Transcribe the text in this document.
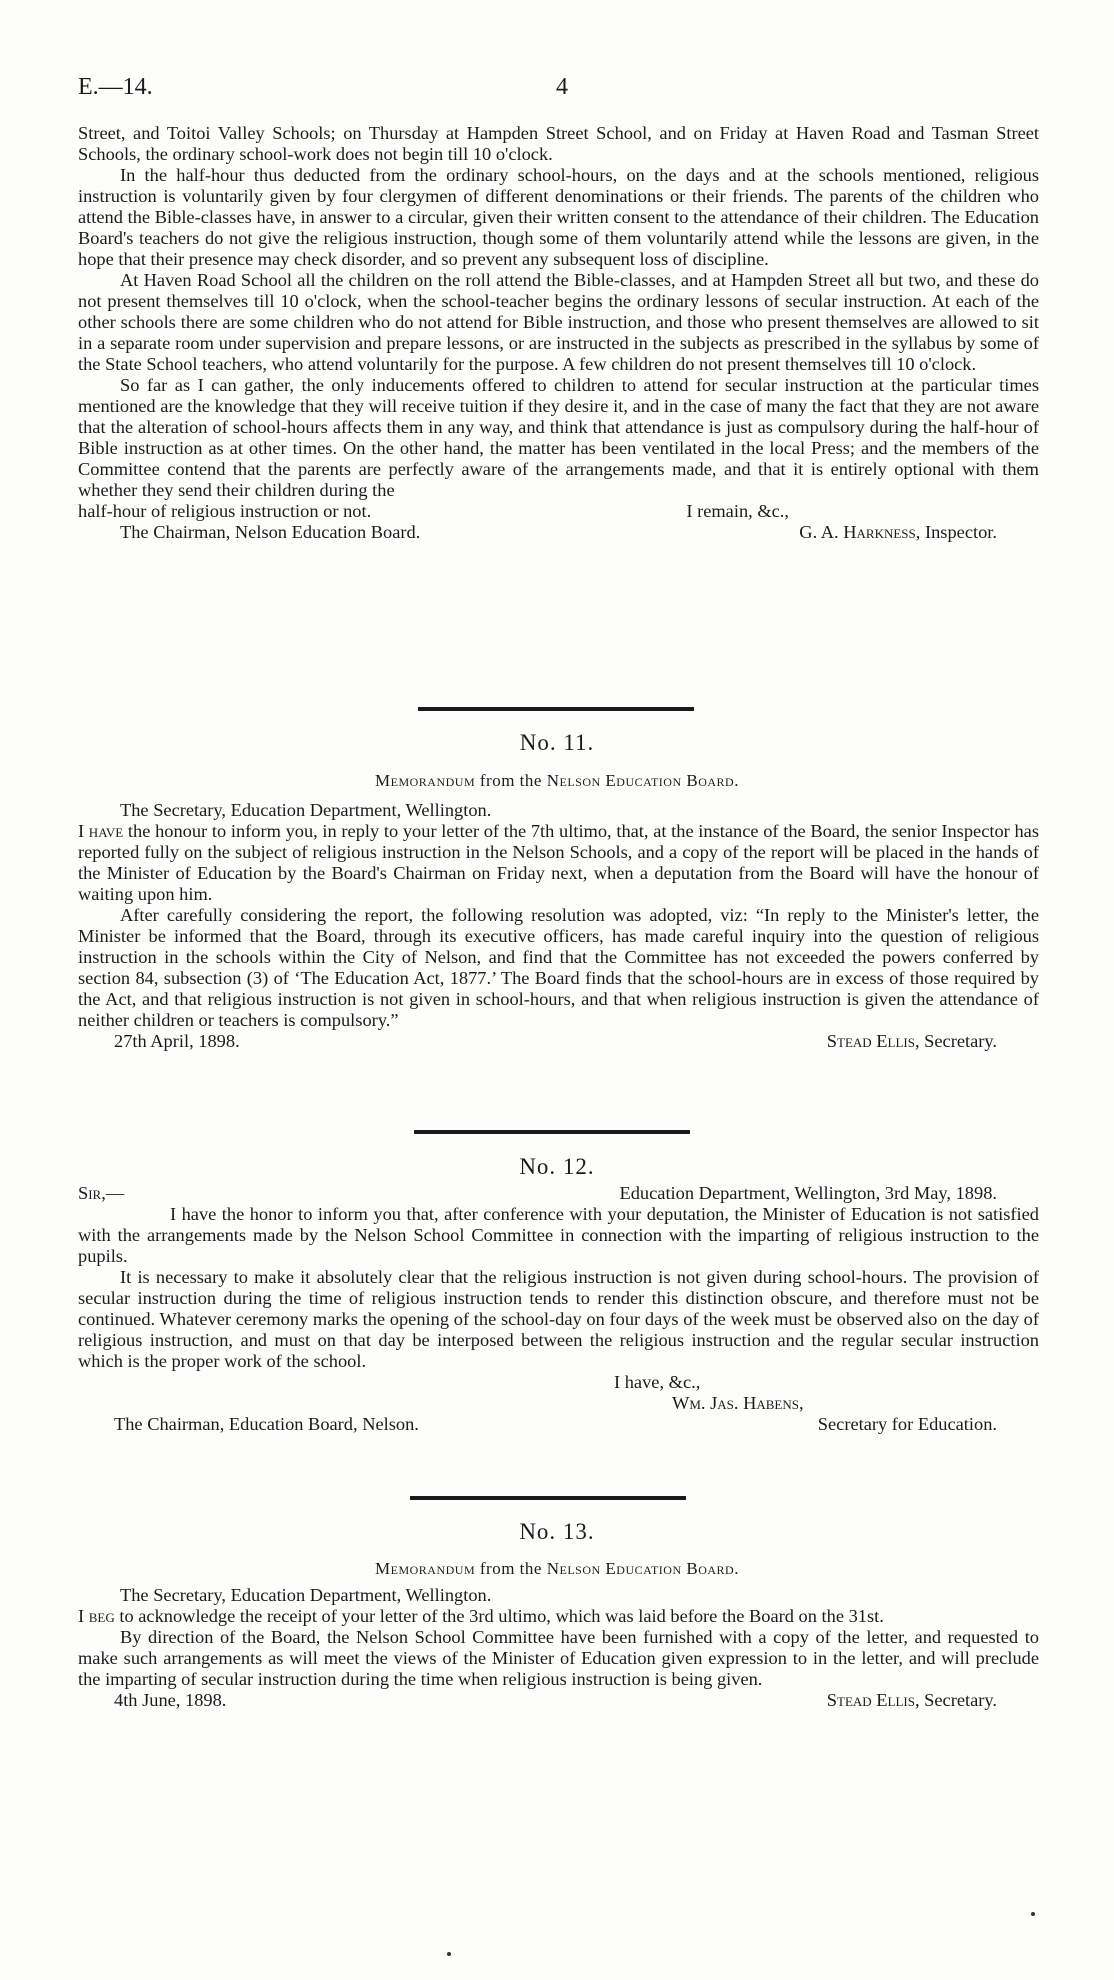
E.—14.	4

Street, and Toitoi Valley Schools; on Thursday at Hampden Street School, and on Friday at Haven Road and Tasman Street Schools, the ordinary school-work does not begin till 10 o'clock.

In the half-hour thus deducted from the ordinary school-hours, on the days and at the schools mentioned, religious instruction is voluntarily given by four clergymen of different denominations or their friends. The parents of the children who attend the Bible-classes have, in answer to a circular, given their written consent to the attendance of their children. The Education Board's teachers do not give the religious instruction, though some of them voluntarily attend while the lessons are given, in the hope that their presence may check disorder, and so prevent any subsequent loss of discipline.

At Haven Road School all the children on the roll attend the Bible-classes, and at Hampden Street all but two, and these do not present themselves till 10 o'clock, when the school-teacher begins the ordinary lessons of secular instruction. At each of the other schools there are some children who do not attend for Bible instruction, and those who present themselves are allowed to sit in a separate room under supervision and prepare lessons, or are instructed in the subjects as prescribed in the syllabus by some of the State School teachers, who attend voluntarily for the purpose. A few children do not present themselves till 10 o'clock.

So far as I can gather, the only inducements offered to children to attend for secular instruction at the particular times mentioned are the knowledge that they will receive tuition if they desire it, and in the case of many the fact that they are not aware that the alteration of school-hours affects them in any way, and think that attendance is just as compulsory during the half-hour of Bible instruction as at other times. On the other hand, the matter has been ventilated in the local Press; and the members of the Committee contend that the parents are perfectly aware of the arrangements made, and that it is entirely optional with them whether they send their children during the

half-hour of religious instruction or not.	I remain, &c.,
The Chairman, Nelson Education Board.	G. A. Harkness, Inspector.
No. 11.
Memorandum from the Nelson Education Board.

The Secretary, Education Department, Wellington.

I have the honour to inform you, in reply to your letter of the 7th ultimo, that, at the instance of the Board, the senior Inspector has reported fully on the subject of religious instruction in the Nelson Schools, and a copy of the report will be placed in the hands of the Minister of Education by the Board's Chairman on Friday next, when a deputation from the Board will have the honour of waiting upon him.

After carefully considering the report, the following resolution was adopted, viz: “In reply to the Minister's letter, the Minister be informed that the Board, through its executive officers, has made careful inquiry into the question of religious instruction in the schools within the City of Nelson, and find that the Committee has not exceeded the powers conferred by section 84, subsection (3) of ‘The Education Act, 1877.’ The Board finds that the school-hours are in excess of those required by the Act, and that religious instruction is not given in school-hours, and that when religious instruction is given the attendance of neither children or teachers is compulsory.”

27th April, 1898.	Stead Ellis, Secretary.
No. 12.
Sir,—	Education Department, Wellington, 3rd May, 1898.

I have the honor to inform you that, after conference with your deputation, the Minister of Education is not satisfied with the arrangements made by the Nelson School Committee in connection with the imparting of religious instruction to the pupils.

It is necessary to make it absolutely clear that the religious instruction is not given during school-hours. The provision of secular instruction during the time of religious instruction tends to render this distinction obscure, and therefore must not be continued. Whatever ceremony marks the opening of the school-day on four days of the week must be observed also on the day of religious instruction, and must on that day be interposed between the religious instruction and the regular secular instruction which is the proper work of the school.

I have, &c.,

Wm. Jas. Habens,

The Chairman, Education Board, Nelson.	Secretary for Education.
No. 13.
Memorandum from the Nelson Education Board.

The Secretary, Education Department, Wellington.

I beg to acknowledge the receipt of your letter of the 3rd ultimo, which was laid before the Board on the 31st.

By direction of the Board, the Nelson School Committee have been furnished with a copy of the letter, and requested to make such arrangements as will meet the views of the Minister of Education given expression to in the letter, and will preclude the imparting of secular instruction during the time when religious instruction is being given.

4th June, 1898.	Stead Ellis, Secretary.
